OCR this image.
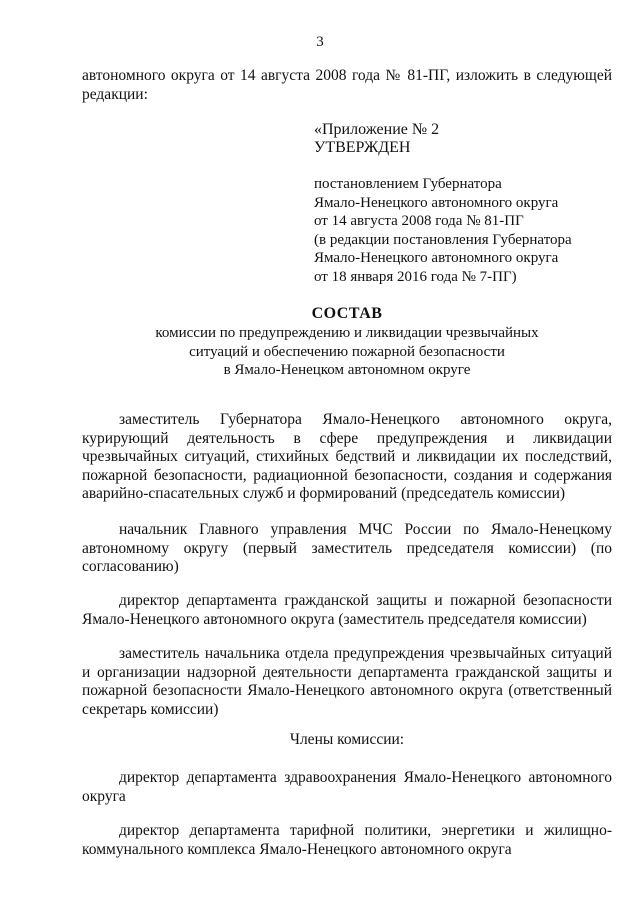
3
автономного округа от 14 августа 2008 года № 81-ПГ, изложить в следующей редакции:
«Приложение № 2
УТВЕРЖДЕН
постановлением Губернатора
Ямало-Ненецкого автономного округа
от 14 августа 2008 года № 81-ПГ
(в редакции постановления Губернатора
Ямало-Ненецкого автономного округа
от 18 января 2016 года № 7-ПГ)
СОСТАВ
комиссии по предупреждению и ликвидации чрезвычайных
ситуаций и обеспечению пожарной безопасности
в Ямало-Ненецком автономном округе
заместитель Губернатора Ямало-Ненецкого автономного округа, курирующий деятельность в сфере предупреждения и ликвидации чрезвычайных ситуаций, стихийных бедствий и ликвидации их последствий, пожарной безопасности, радиационной безопасности, создания и содержания аварийно-спасательных служб и формирований (председатель комиссии)
начальник Главного управления МЧС России по Ямало-Ненецкому автономному округу (первый заместитель председателя комиссии) (по согласованию)
директор департамента гражданской защиты и пожарной безопасности Ямало-Ненецкого автономного округа (заместитель председателя комиссии)
заместитель начальника отдела предупреждения чрезвычайных ситуаций и организации надзорной деятельности департамента гражданской защиты и пожарной безопасности Ямало-Ненецкого автономного округа (ответственный секретарь комиссии)
Члены комиссии:
директор департамента здравоохранения Ямало-Ненецкого автономного округа
директор департамента тарифной политики, энергетики и жилищно-коммунального комплекса Ямало-Ненецкого автономного округа
